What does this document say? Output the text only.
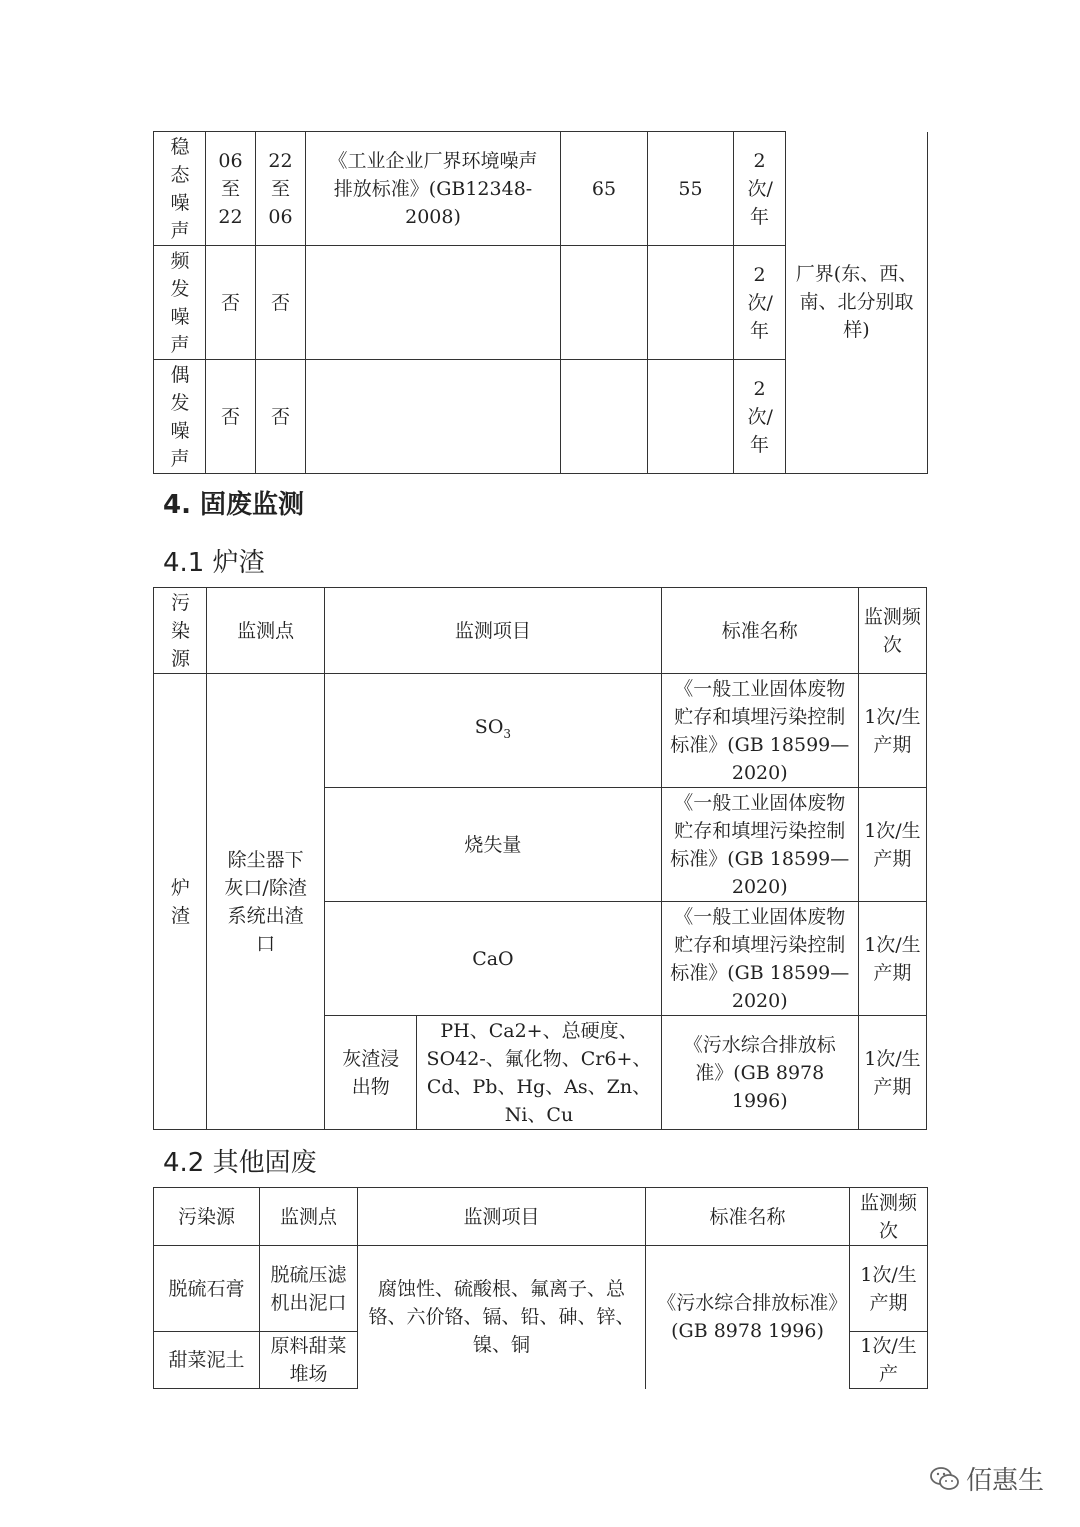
稳态噪声	06至22	22至06	《工业企业厂界环境噪声排放标准》(GB12348-2008)	65	55	2次/年	厂界(东、西、南、北分别取样)

频发噪声	否	否				2次/年	

偶发噪声	否	否				2次/年	
4. 固废监测
4.1 炉渣
污染源	监测点	监测项目		标准名称	监测频次

炉渣	除尘器下灰口/除渣系统出渣口	$SO_3$		《一般工业固体废物贮存和填埋污染控制标准》(GB 18599—2020)	1次/生产期
		烧失量		《一般工业固体废物贮存和填埋污染控制标准》(GB 18599—2020)	1次/生产期
		CaO		《一般工业固体废物贮存和填埋污染控制标准》(GB 18599—2020)	1次/生产期
		灰渣浸出物	PH、Ca2+、总硬度、SO42-、氟化物、Cr6+、Cd、Pb、Hg、As、Zn、Ni、Cu	《污水综合排放标准》(GB 8978 1996)	1次/生产期
4.2 其他固废
污染源	监测点	监测项目	标准名称	监测频次
脱硫石膏	脱硫压滤机出泥口	腐蚀性、硫酸根、氟离子、总铬、六价铬、镉、铅、砷、锌、镍、铜	《污水综合排放标准》(GB 8978 1996)	1次/生产期
甜菜泥土	原料甜菜堆场			1次/生产
佰惠生
